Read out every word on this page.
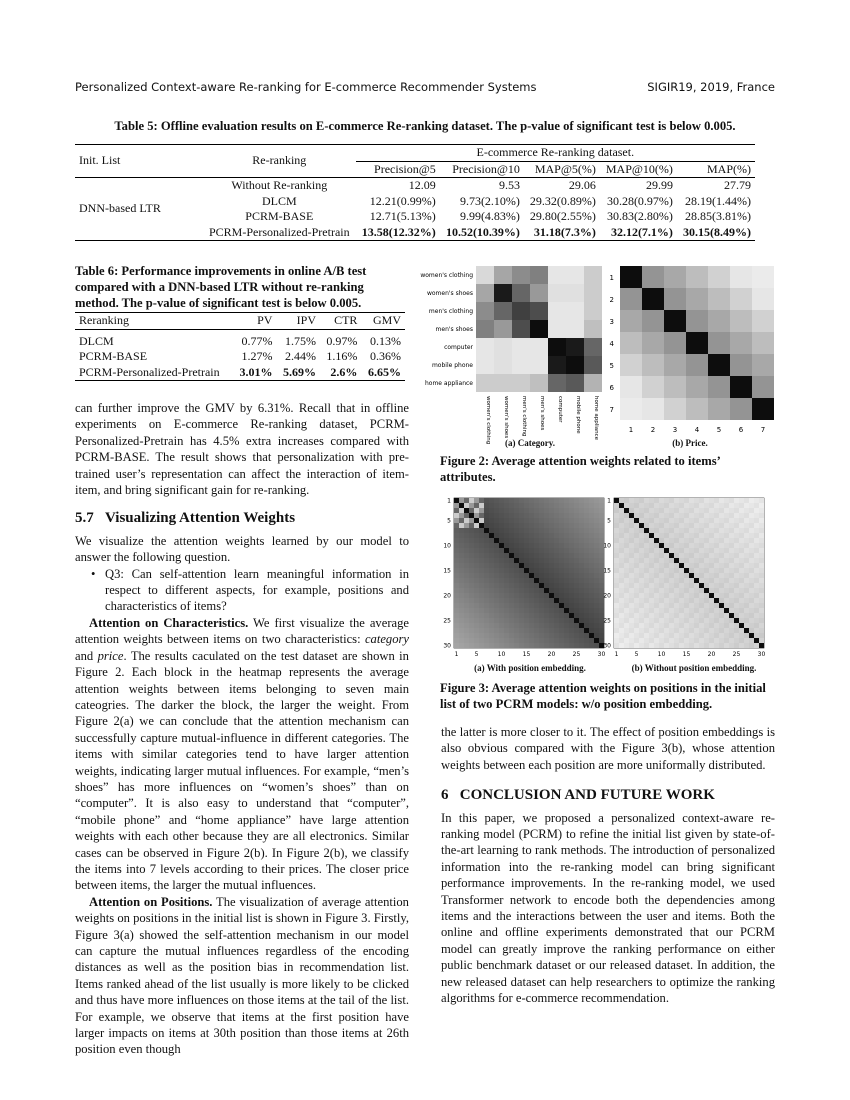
Personalized Context-aware Re-ranking for E-commerce Recommender Systems	SIGIR19, 2019, France
Table 5: Offline evaluation results on E-commerce Re-ranking dataset. The p-value of significant test is below 0.005.
Init. List	Re-ranking	E-commerce Re-ranking dataset.				
		Precision@5	Precision@10	MAP@5(%)	MAP@10(%)	MAP(%)
DNN-based LTR	Without Re-ranking	12.09	9.53	29.06	29.99	27.79
	DLCM	12.21(0.99%)	9.73(2.10%)	29.32(0.89%)	30.28(0.97%)	28.19(1.44%)
	PCRM-BASE	12.71(5.13%)	9.99(4.83%)	29.80(2.55%)	30.83(2.80%)	28.85(3.81%)
	PCRM-Personalized-Pretrain	13.58(12.32%)	10.52(10.39%)	31.18(7.3%)	32.12(7.1%)	30.15(8.49%)
Table 6: Performance improvements in online A/B test compared with a DNN-based LTR without re-ranking method. The p-value of significant test is below 0.005.
Reranking	PV	IPV	CTR	GMV

DLCM	0.77%	1.75%	0.97%	0.13%
PCRM-BASE	1.27%	2.44%	1.16%	0.36%
PCRM-Personalized-Pretrain	3.01%	5.69%	2.6%	6.65%

can further improve the GMV by 6.31%. Recall that in offline experiments on E-commerce Re-ranking dataset, PCRM-Personalized-Pretrain has 4.5% extra increases compared with PCRM-BASE. The result shows that personalization with pre-trained user’s representation can affect the interaction of item-item, and bring significant gain for re-ranking.

5.7 Visualizing Attention Weights

We visualize the attention weights learned by our model to answer the following question.

• Q3: Can self-attention learn meaningful information in respect to different aspects, for example, positions and characteristics of items?

Attention on Characteristics. We first visualize the average attention weights between items on two characteristics: category and price. The results caculated on the test dataset are shown in Figure 2. Each block in the heatmap represents the average attention weights between items belonging to seven main cateogries. The darker the block, the larger the weight. From Figure 2(a) we can conclude that the attention mechanism can successfully capture mutual-influence in different categories. The items with similar categories tend to have larger attention weights, indicating larger mutual influences. For example, “men’s shoes” has more influences on “women’s shoes” than on “computer”. It is also easy to understand that “computer”, “mobile phone” and “home appliance” have large attention weights with each other because they are all electronics. Similar cases can be observed in Figure 2(b). In Figure 2(b), we classify the items into 7 levels according to their prices. The closer price between items, the larger the mutual influences.

Attention on Positions. The visualization of average attention weights on positions in the initial list is shown in Figure 3. Firstly, Figure 3(a) showed the self-attention mechanism in our model can capture the mutual influences regardless of the encoding distances as well as the position bias in recommendation list. Items ranked ahead of the list usually is more likely to be clicked and thus have more influences on those items at the tail of the list. For example, we observe that items at the first position have larger impacts on items at 30th position than those items at 26th position even though

women's clothing
women's clothing
women's shoes
women's shoes
men's clothing
men's clothing
men's shoes
men's shoes
computer
computer
mobile phone
mobile phone
home appliance
home appliance
1
1
2
2
3
3
4
4
5
5
6
6
7
7
(a) Category.	(b) Price.
Figure 2: Average attention weights related to items’ attributes.
1
1
5
5
10
10
15
15
20
20
25
25
30
30
1
1
5
5
10
10
15
15
20
20
25
25
30
30
(a) With position embedding.	(b) Without position embedding.
Figure 3: Average attention weights on positions in the initial list of two PCRM models: w/o position embedding.

the latter is more closer to it. The effect of position embeddings is also obvious compared with the Figure 3(b), whose attention weights between each position are more uniformally distributed.

6 CONCLUSION AND FUTURE WORK

In this paper, we proposed a personalized context-aware re-ranking model (PCRM) to refine the initial list given by state-of-the-art learning to rank methods. The introduction of personalized information into the re-ranking model can bring significant performance improvements. In the re-ranking model, we used Transformer network to encode both the dependencies among items and the interactions between the user and items. Both the online and offline experiments demonstrated that our PCRM model can greatly improve the ranking performance on either public benchmark dataset or our released dataset. In addition, the new released dataset can help researchers to optimize the ranking algorithms for e-commerce recommendation.
